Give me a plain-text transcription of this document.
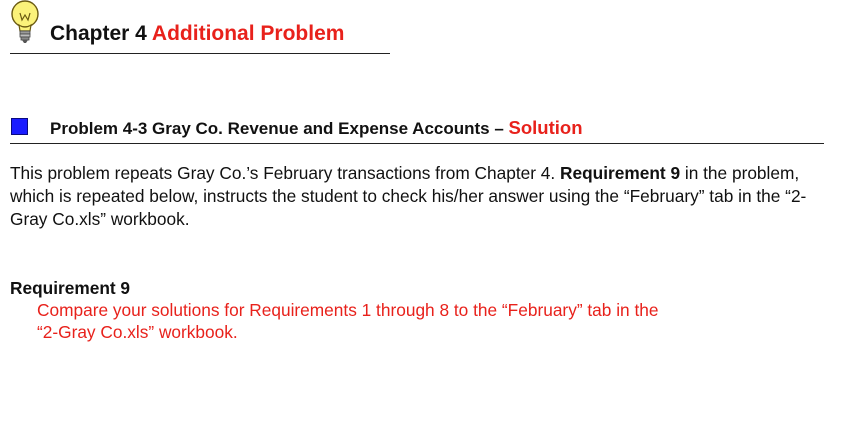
Chapter 4 Additional Problem
Problem 4-3 Gray Co. Revenue and Expense Accounts – Solution
This problem repeats Gray Co.’s February transactions from Chapter 4. Requirement 9 in the problem, which is repeated below, instructs the student to check his/her answer using the “February” tab in the “2-Gray Co.xls” workbook.
Requirement 9
Compare your solutions for Requirements 1 through 8 to the “February” tab in the
“2-Gray Co.xls” workbook.
